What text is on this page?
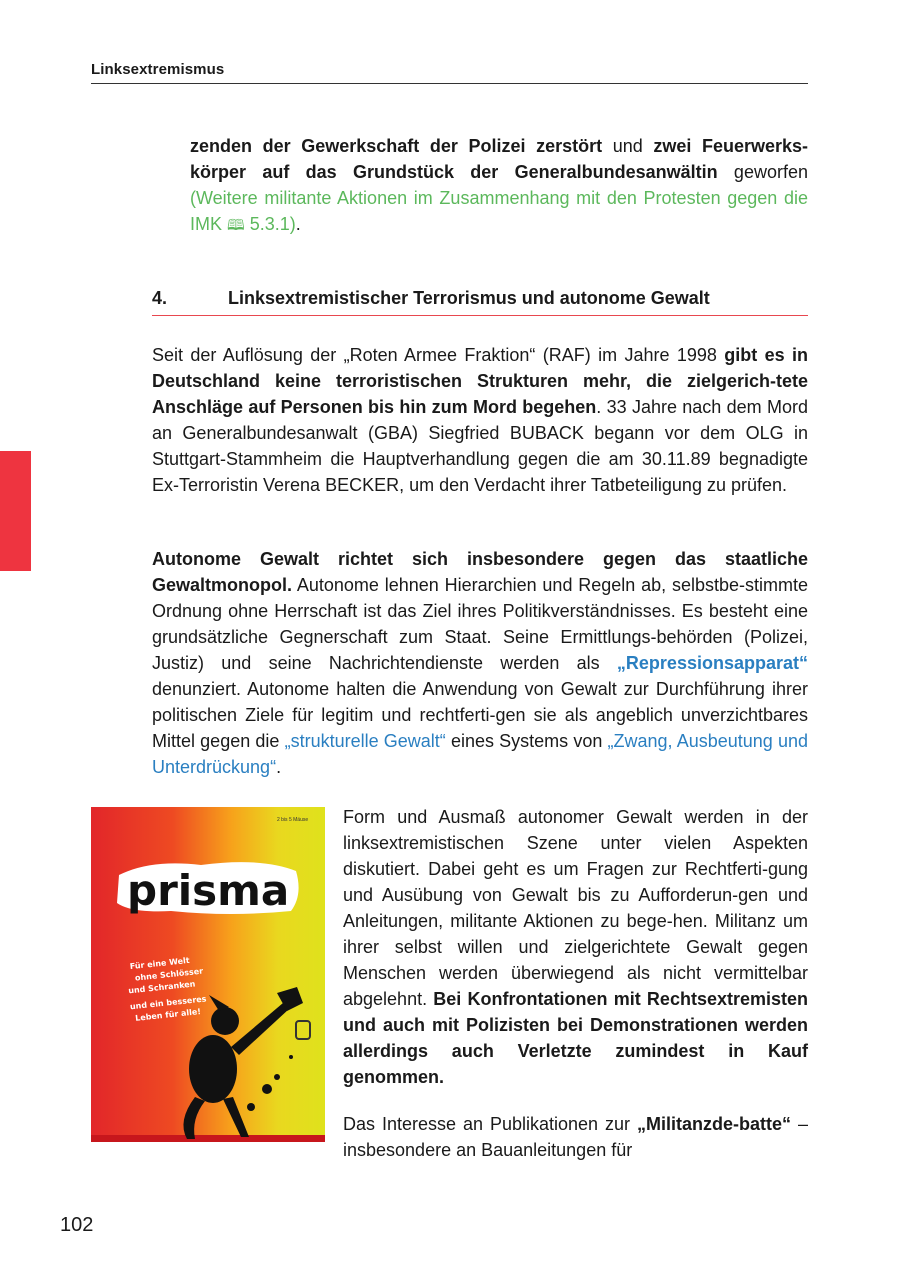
Linksextremismus

zenden der Gewerkschaft der Polizei zerstört und zwei Feuerwerks-körper auf das Grundstück der Generalbundesanwältin geworfen (Weitere militante Aktionen im Zusammenhang mit den Protesten gegen die IMK 🕮 5.3.1).

4.	Linksextremistischer Terrorismus und autonome Gewalt

Seit der Auflösung der „Roten Armee Fraktion“ (RAF) im Jahre 1998 gibt es in Deutschland keine terroristischen Strukturen mehr, die zielgerich-tete Anschläge auf Personen bis hin zum Mord begehen. 33 Jahre nach dem Mord an Generalbundesanwalt (GBA) Siegfried BUBACK begann vor dem OLG in Stuttgart-Stammheim die Hauptverhandlung gegen die am 30.11.89 begnadigte Ex-Terroristin Verena BECKER, um den Verdacht ihrer Tatbeteiligung zu prüfen.

Autonome Gewalt richtet sich insbesondere gegen das staatliche Gewaltmonopol. Autonome lehnen Hierarchien und Regeln ab, selbstbe-stimmte Ordnung ohne Herrschaft ist das Ziel ihres Politikverständnisses. Es besteht eine grundsätzliche Gegnerschaft zum Staat. Seine Ermittlungs-behörden (Polizei, Justiz) und seine Nachrichtendienste werden als „Repressionsapparat“ denunziert. Autonome halten die Anwendung von Gewalt zur Durchführung ihrer politischen Ziele für legitim und rechtferti-gen sie als angeblich unverzichtbares Mittel gegen die „strukturelle Gewalt“ eines Systems von „Zwang, Ausbeutung und Unterdrückung“.

2 bis 5 Mäuse
prisma
Für eine Welt
ohne Schlösser
und Schranken
und ein besseres
Leben für alle!

Form und Ausmaß autonomer Gewalt werden in der linksextremistischen Szene unter vielen Aspekten diskutiert. Dabei geht es um Fragen zur Rechtferti-gung und Ausübung von Gewalt bis zu Aufforderun-gen und Anleitungen, militante Aktionen zu bege-hen. Militanz um ihrer selbst willen und zielgerichtete Gewalt gegen Menschen werden überwiegend als nicht vermittelbar abgelehnt. Bei Konfrontationen mit Rechtsextremisten und auch mit Polizisten bei Demonstrationen werden allerdings auch Verletzte zumindest in Kauf genommen.

Das Interesse an Publikationen zur „Militanzde-batte“ – insbesondere an Bauanleitungen für

102
